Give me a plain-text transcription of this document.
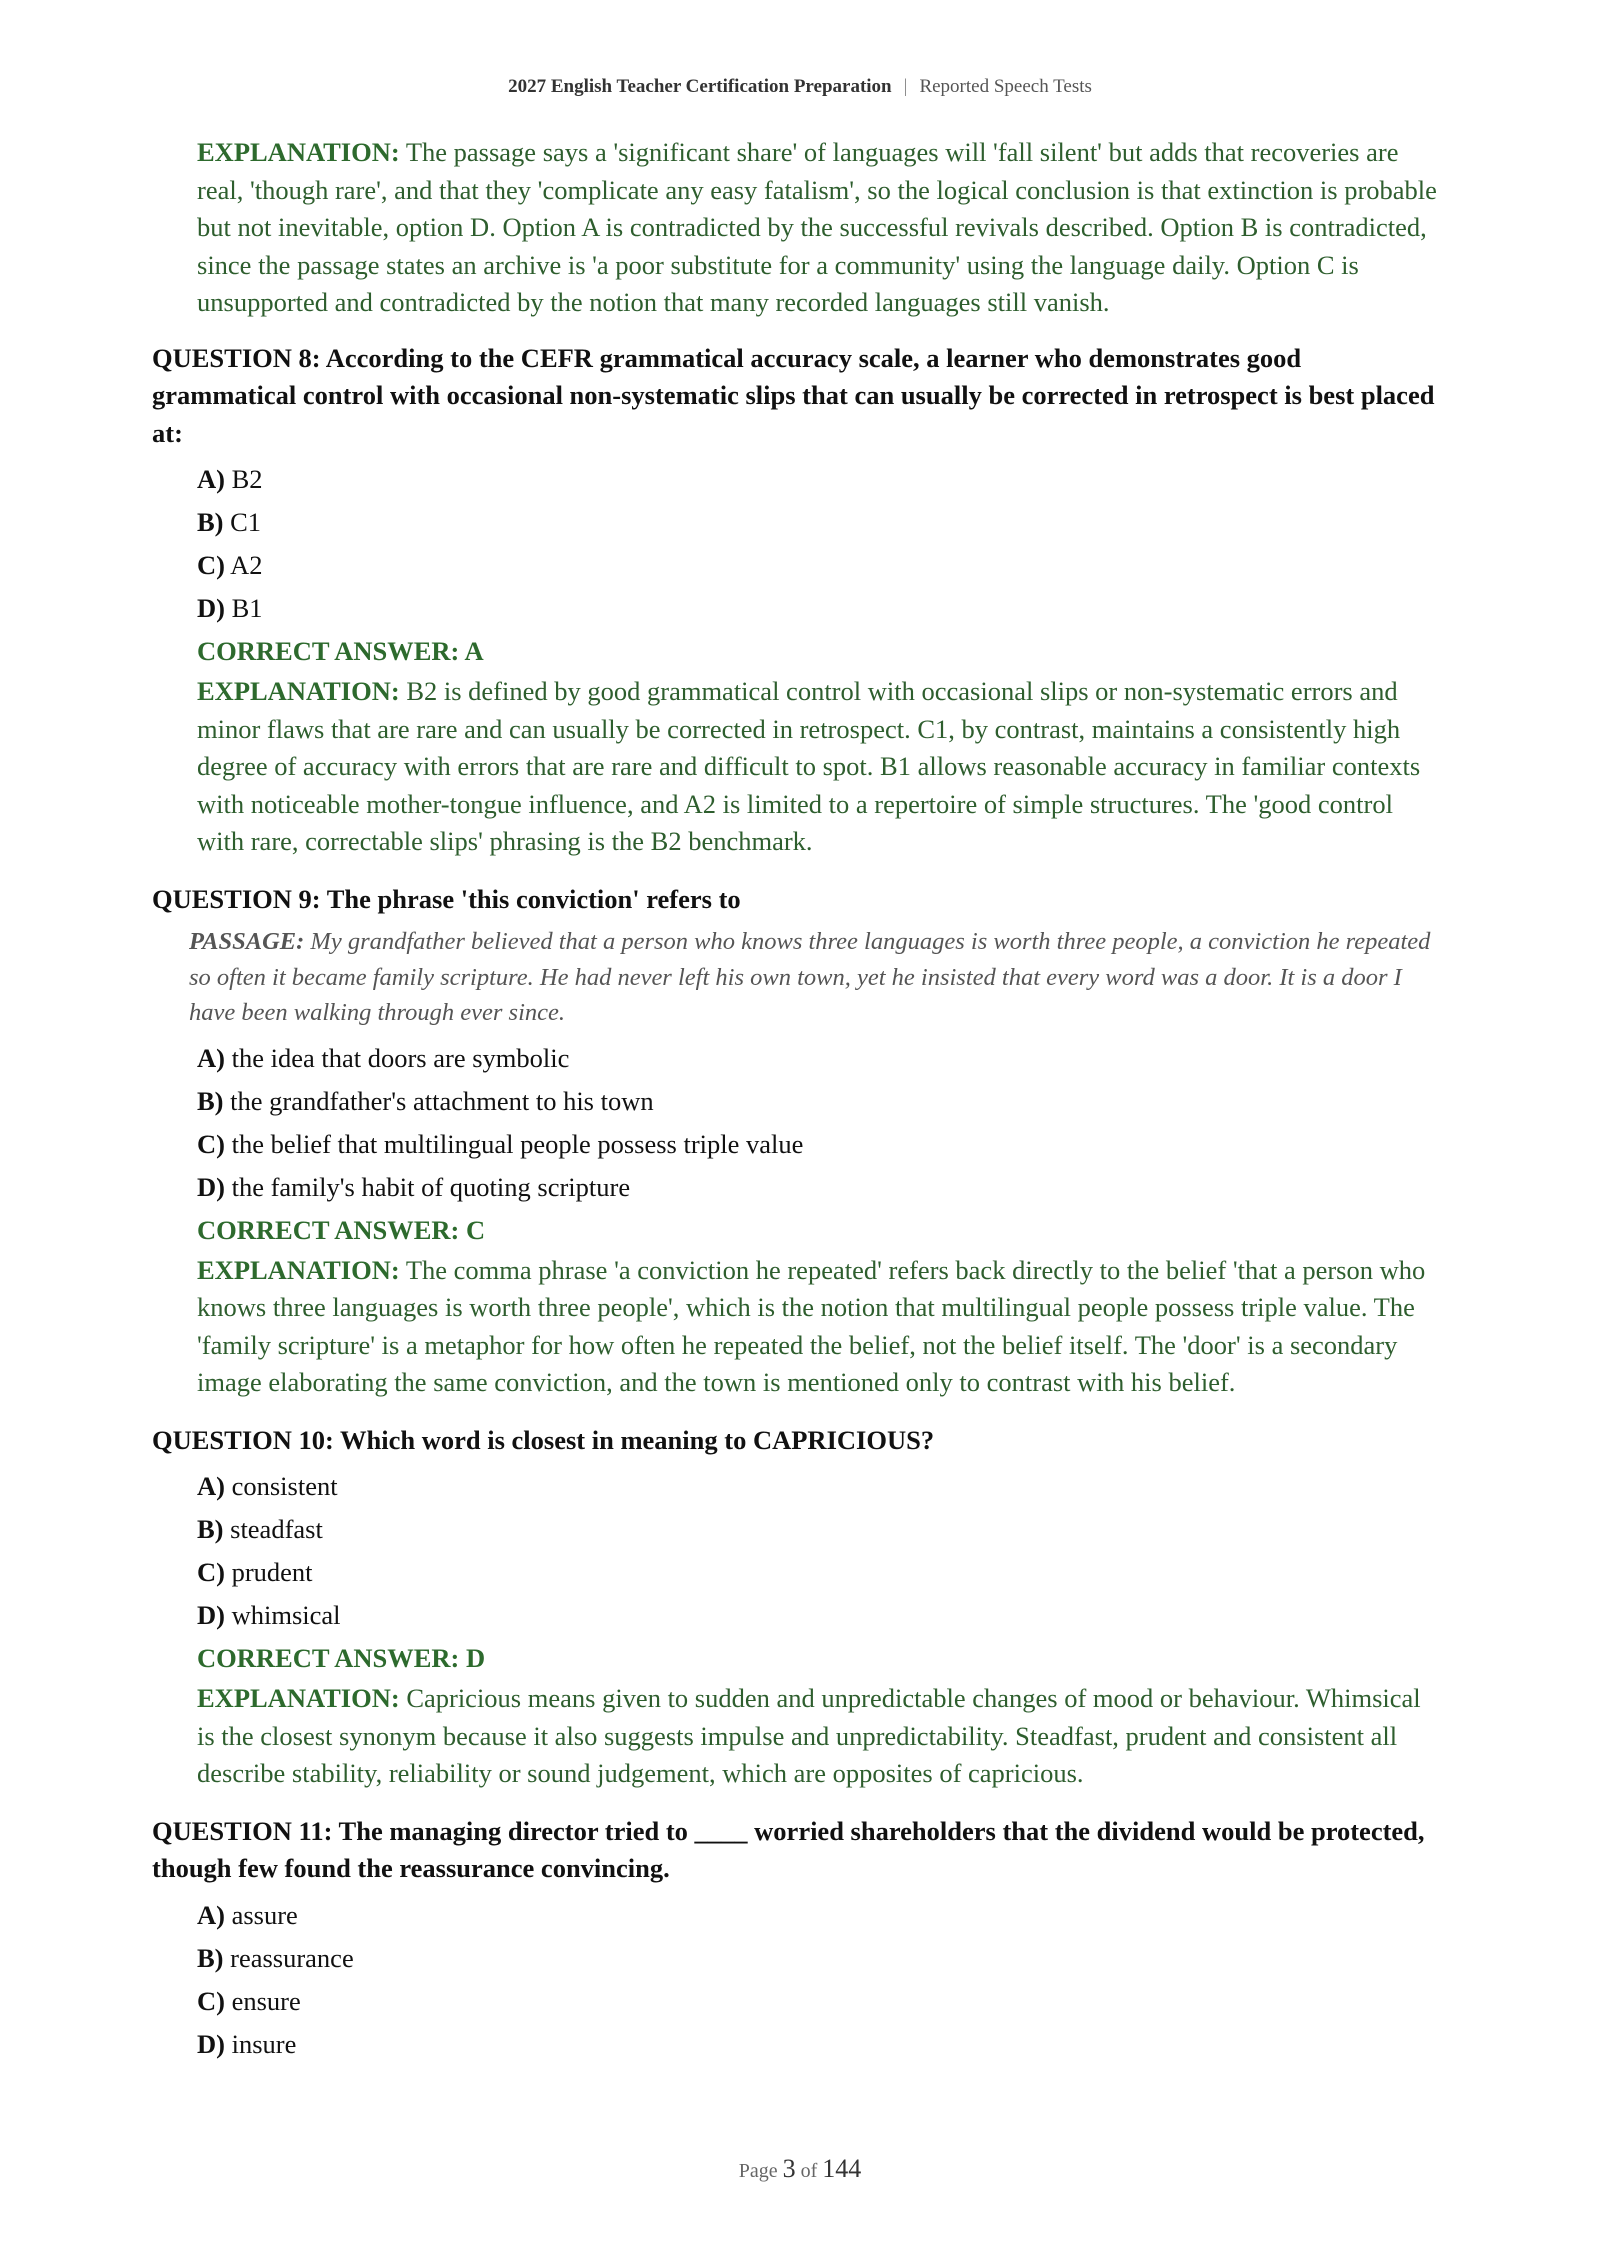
2027 English Teacher Certification Preparation | Reported Speech Tests

EXPLANATION: The passage says a 'significant share' of languages will 'fall silent' but adds that recoveries are real, 'though rare', and that they 'complicate any easy fatalism', so the logical conclusion is that extinction is probable but not inevitable, option D. Option A is contradicted by the successful revivals described. Option B is contradicted, since the passage states an archive is 'a poor substitute for a community' using the language daily. Option C is unsupported and contradicted by the notion that many recorded languages still vanish.

QUESTION 8: According to the CEFR grammatical accuracy scale, a learner who demonstrates good grammatical control with occasional non-systematic slips that can usually be corrected in retrospect is best placed at:
A) B2
B) C1
C) A2
D) B1
CORRECT ANSWER: A

EXPLANATION: B2 is defined by good grammatical control with occasional slips or non-systematic errors and minor flaws that are rare and can usually be corrected in retrospect. C1, by contrast, maintains a consistently high degree of accuracy with errors that are rare and difficult to spot. B1 allows reasonable accuracy in familiar contexts with noticeable mother-tongue influence, and A2 is limited to a repertoire of simple structures. The 'good control with rare, correctable slips' phrasing is the B2 benchmark.

QUESTION 9: The phrase 'this conviction' refers to

PASSAGE: My grandfather believed that a person who knows three languages is worth three people, a conviction he repeated so often it became family scripture. He had never left his own town, yet he insisted that every word was a door. It is a door I have been walking through ever since.

A) the idea that doors are symbolic
B) the grandfather's attachment to his town
C) the belief that multilingual people possess triple value
D) the family's habit of quoting scripture
CORRECT ANSWER: C

EXPLANATION: The comma phrase 'a conviction he repeated' refers back directly to the belief 'that a person who knows three languages is worth three people', which is the notion that multilingual people possess triple value. The 'family scripture' is a metaphor for how often he repeated the belief, not the belief itself. The 'door' is a secondary image elaborating the same conviction, and the town is mentioned only to contrast with his belief.

QUESTION 10: Which word is closest in meaning to CAPRICIOUS?
A) consistent
B) steadfast
C) prudent
D) whimsical
CORRECT ANSWER: D

EXPLANATION: Capricious means given to sudden and unpredictable changes of mood or behaviour. Whimsical is the closest synonym because it also suggests impulse and unpredictability. Steadfast, prudent and consistent all describe stability, reliability or sound judgement, which are opposites of capricious.

QUESTION 11: The managing director tried to ____ worried shareholders that the dividend would be protected, though few found the reassurance convincing.
A) assure
B) reassurance
C) ensure
D) insure
Page 3 of 144
